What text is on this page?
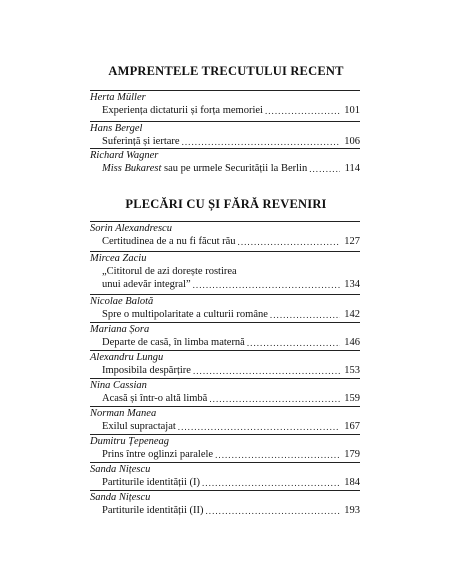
AMPRENTELE TRECUTULUI RECENT
Herta Müller
Experiența dictaturii și forța memoriei . . .	101
Hans Bergel
Suferință și iertare . . .	106
Richard Wagner
Miss Bukarest sau pe urmele Securității la Berlin . . .	114
PLECĂRI CU ȘI FĂRĂ REVENIRI
Sorin Alexandrescu
Certitudinea de a nu fi făcut rău . . .	127
Mircea Zaciu
„Cititorul de azi dorește rostirea
unui adevăr integral” . . .	134
Nicolae Balotă
Spre o multipolaritate a culturii române . . .	142
Mariana Șora
Departe de casă, în limba maternă . . .	146
Alexandru Lungu
Imposibila despărțire . . .	153
Nina Cassian
Acasă și într-o altă limbă . . .	159
Norman Manea
Exilul supractajat . . .	167
Dumitru Țepeneag
Prins între oglinzi paralele . . .	179
Sanda Nițescu
Partiturile identității (I) . . .	184
Sanda Nițescu
Partiturile identității (II) . . .	193
